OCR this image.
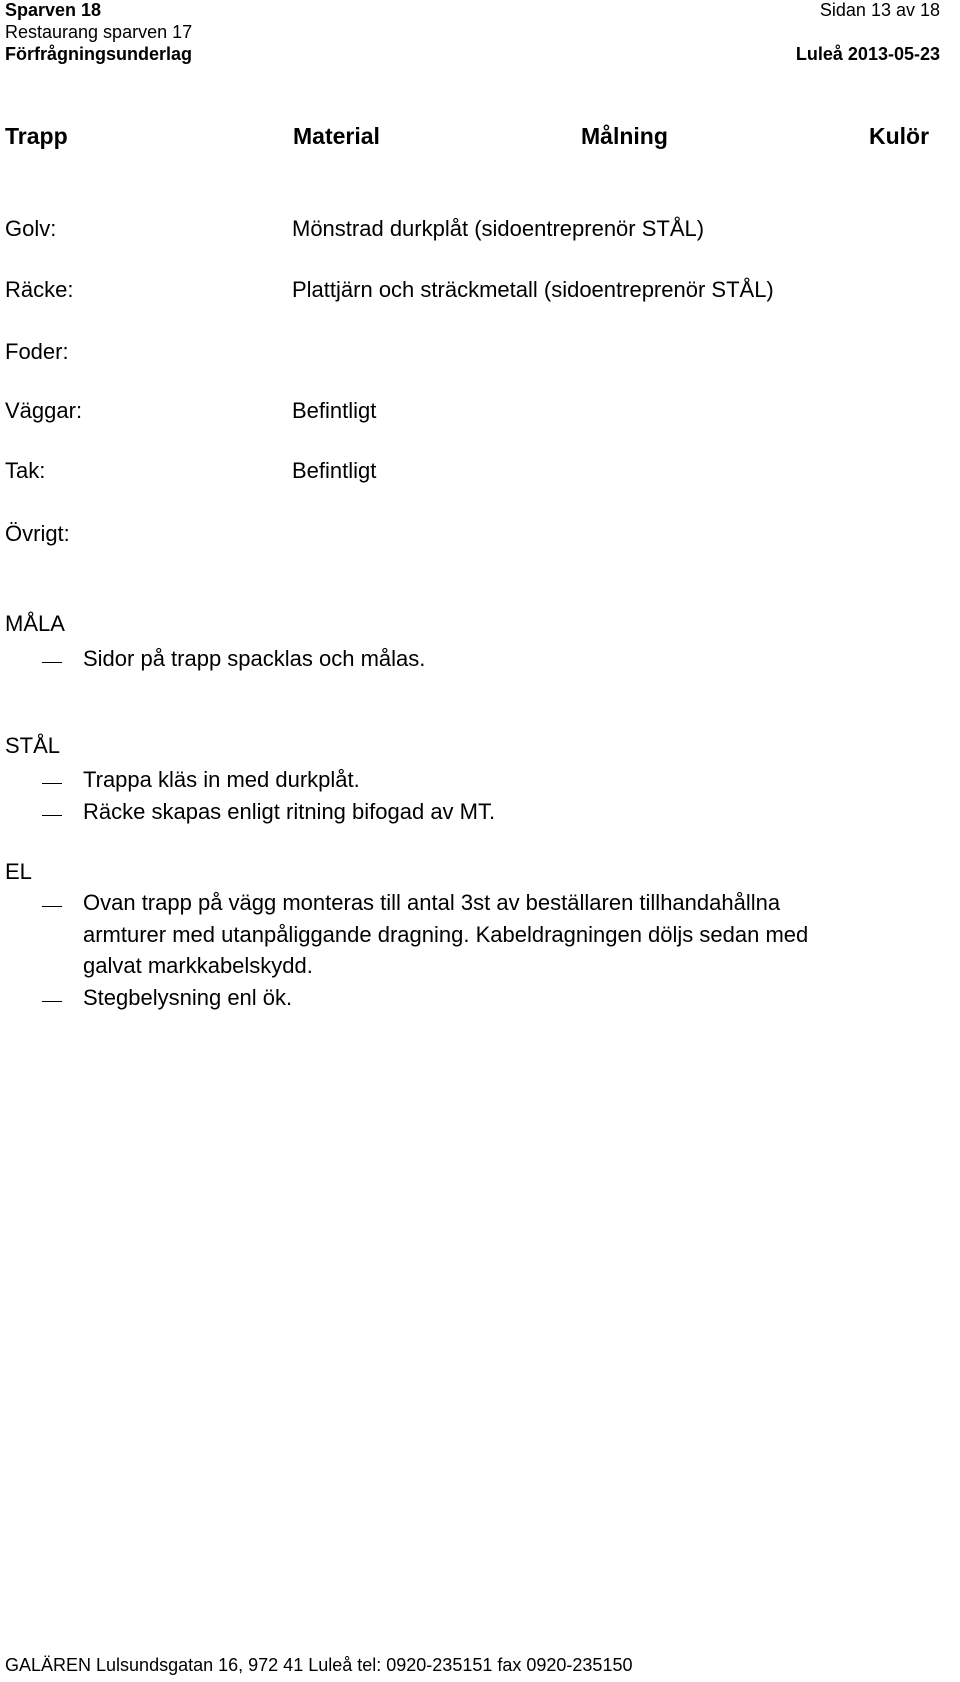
Sparven 18	Sidan 13 av 18
Restaurang sparven 17
Förfrågningsunderlag	Luleå 2013-05-23
Trapp	Material	Målning	Kulör
Golv:	Mönstrad durkplåt (sidoentreprenör STÅL)
Räcke:	Plattjärn och sträckmetall (sidoentreprenör STÅL)
Foder:
Väggar:	Befintligt
Tak:	Befintligt
Övrigt:
MÅLA
Sidor på trapp spacklas och målas.
STÅL
Trappa kläs in med durkplåt.
Räcke skapas enligt ritning bifogad av MT.
EL
Ovan trapp på vägg monteras till antal 3st av beställaren tillhandahållna
armturer med utanpåliggande dragning. Kabeldragningen döljs sedan med
galvat markkabelskydd.
Stegbelysning enl ök.
GALÄREN Lulsundsgatan 16, 972 41 Luleå tel: 0920-235151 fax 0920-235150
